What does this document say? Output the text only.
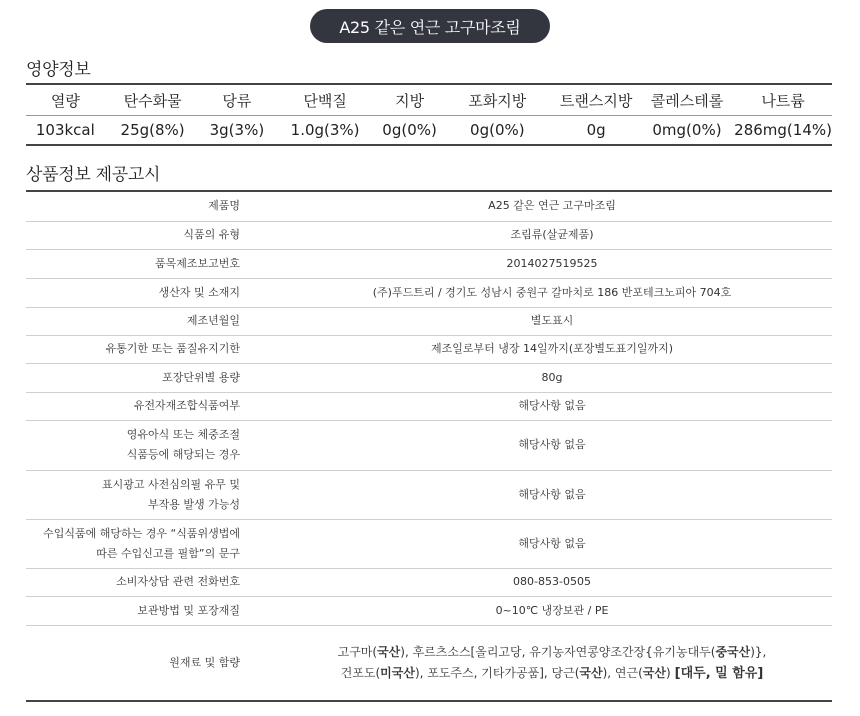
A25 같은 연근 고구마조림
영양정보
열량	탄수화물	당류	단백질	지방	포화지방	트랜스지방	콜레스테롤	나트륨
103kcal	25g(8%)	3g(3%)	1.0g(3%)	0g(0%)	0g(0%)	0g	0mg(0%)	286mg(14%)
상품정보 제공고시
제품명	A25 같은 연근 고구마조림
식품의 유형	조림류(살균제품)
품목제조보고번호	2014027519525
생산자 및 소재지	(주)푸드트리 / 경기도 성남시 중원구 갈마치로 186 반포테크노피아 704호
제조년월일	별도표시
유통기한 또는 품질유지기한	제조일로부터 냉장 14일까지(포장별도표기일까지)
포장단위별 용량	80g
유전자재조합식품여부	해당사항 없음
영유아식 또는 체중조절
식품등에 해당되는 경우	해당사항 없음
표시광고 사전심의필 유무 및
부작용 발생 가능성	해당사항 없음
수입식품에 해당하는 경우 “식품위생법에
따른 수입신고를 필함”의 문구	해당사항 없음
소비자상담 관련 전화번호	080-853-0505
보관방법 및 포장재질	0~10℃ 냉장보관 / PE
원재료 및 함량	고구마(국산), 후르츠소스[올리고당, 유기농자연콩양조간장{유기농대두(중국산)},
건포도(미국산), 포도주스, 기타가공품], 당근(국산), 연근(국산) [대두, 밀 함유]
